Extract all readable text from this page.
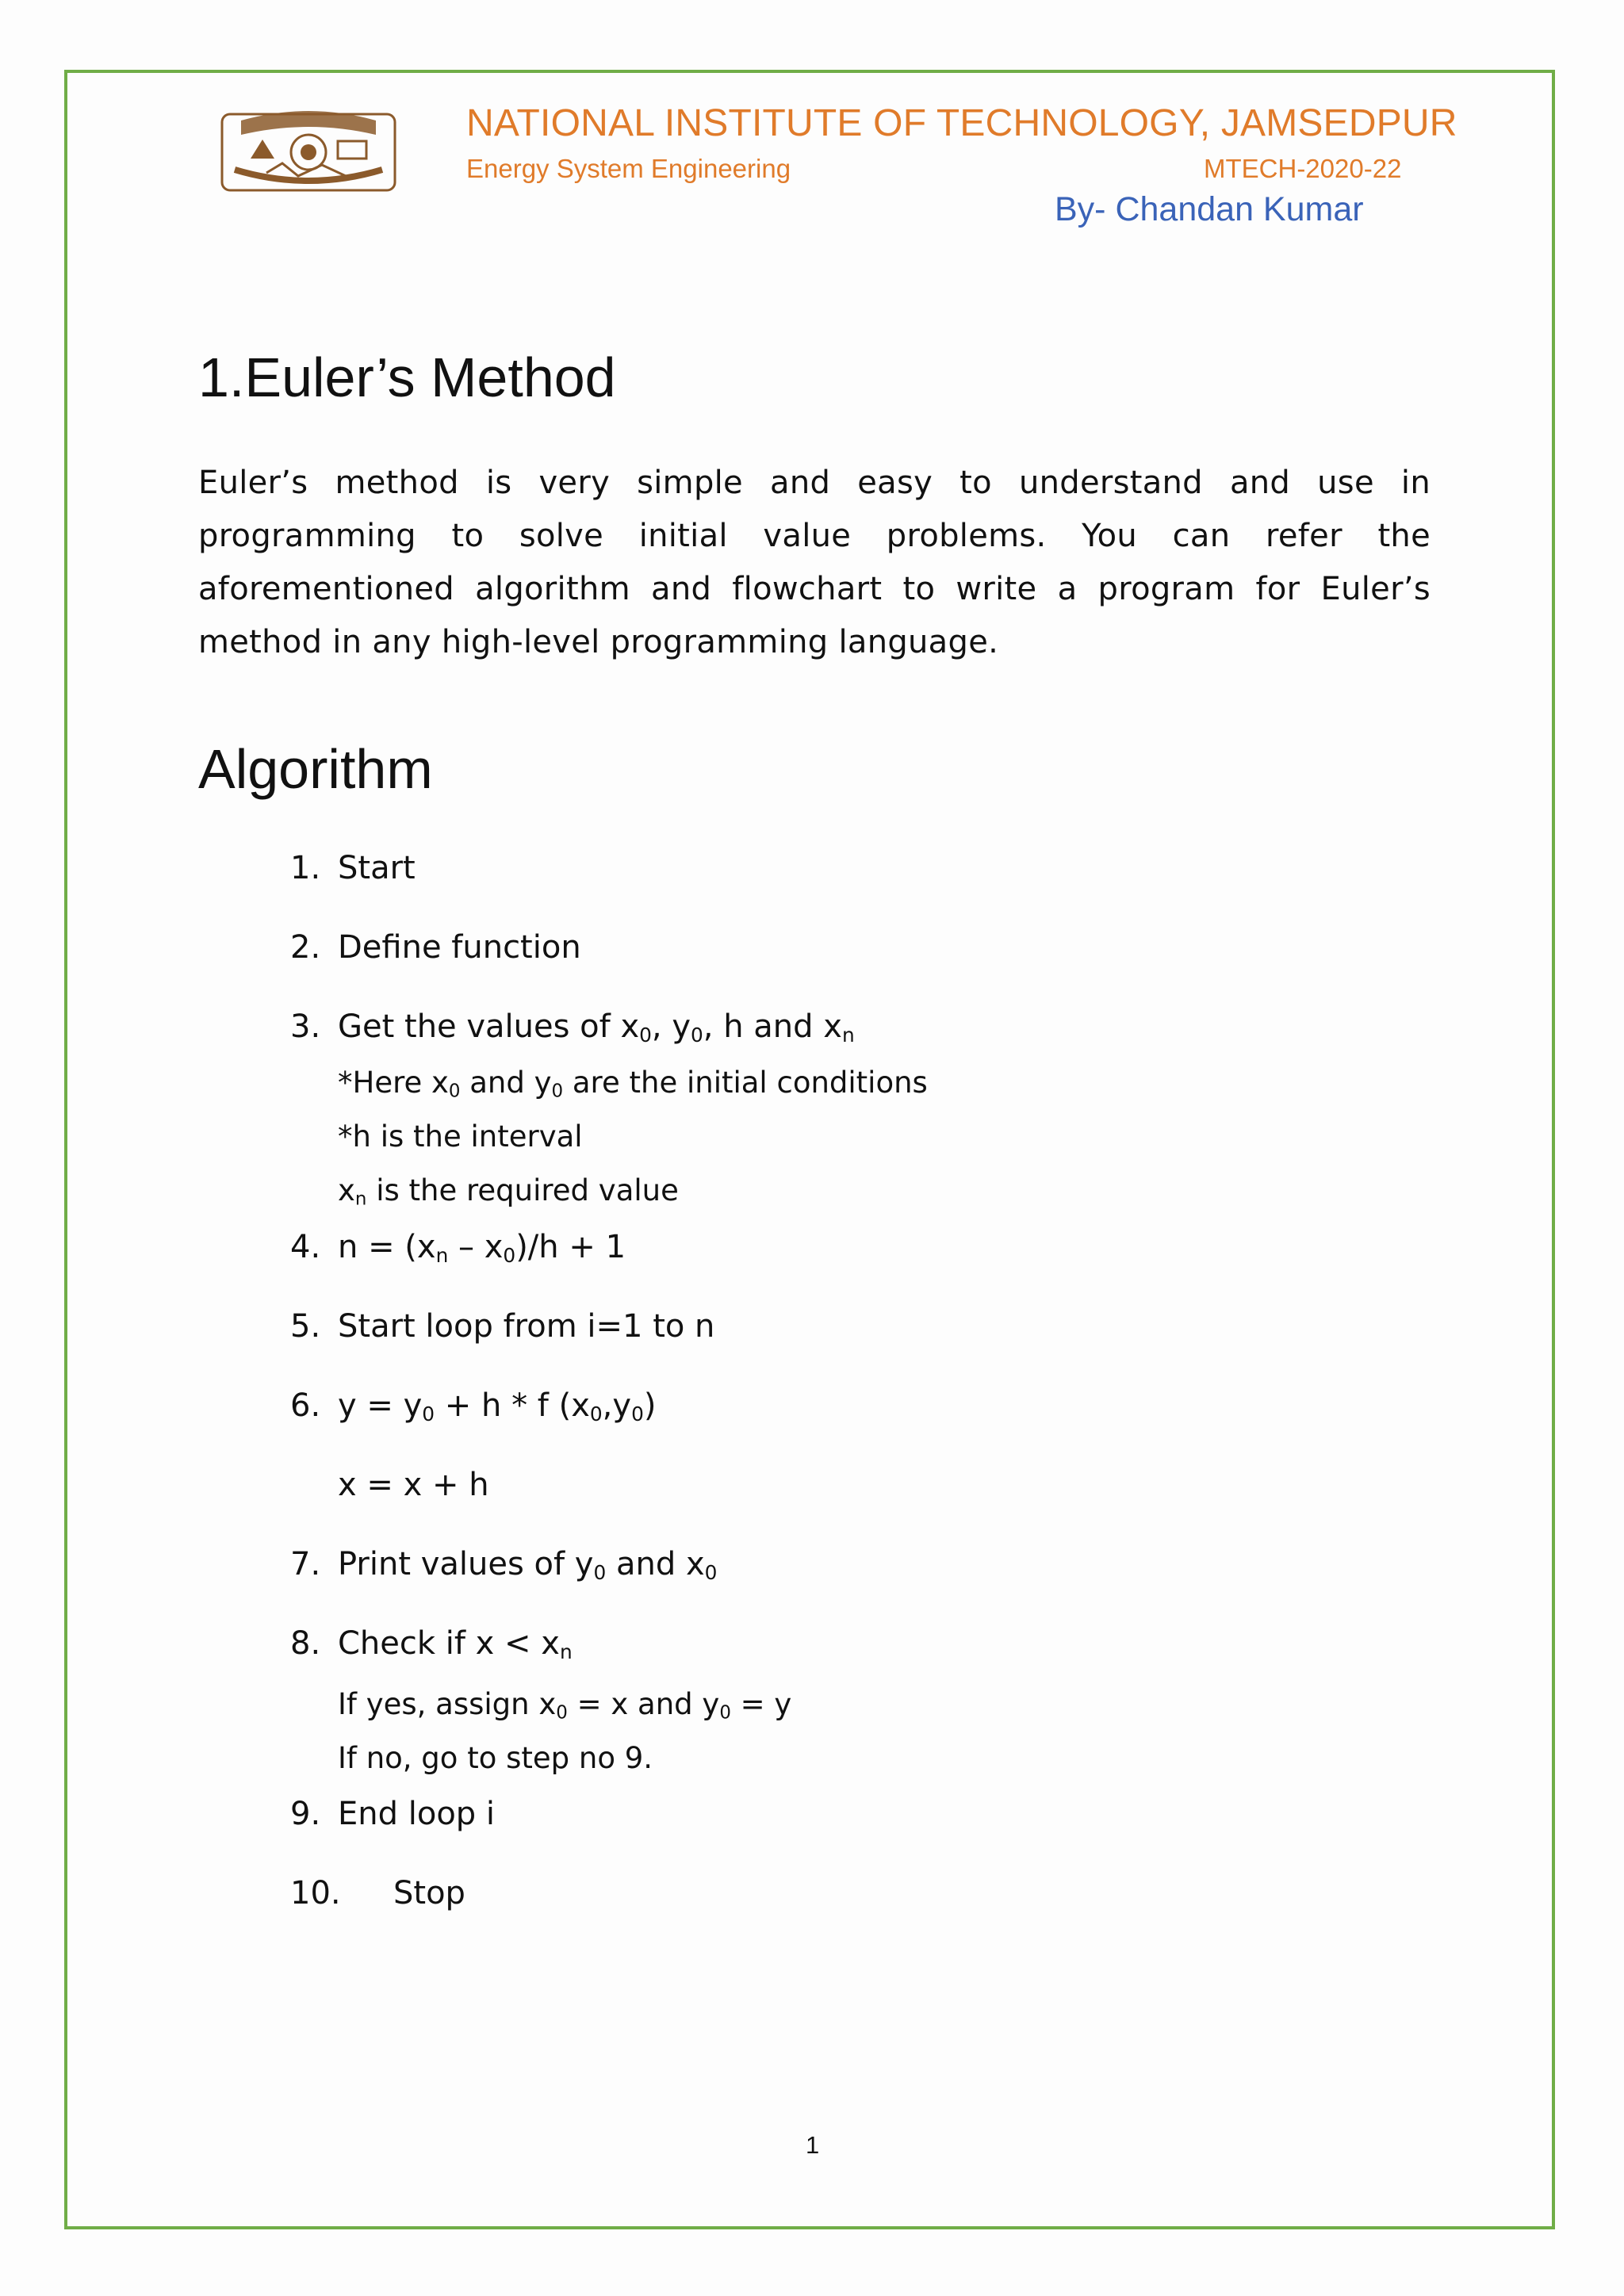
NATIONAL INSTITUTE OF TECHNOLOGY, JAMSEDPUR
Energy System Engineering	MTECH-2020-22
By- Chandan Kumar
1.Euler’s Method

Euler’s method is very simple and easy to understand and use in programming to solve initial value problems. You can refer the aforementioned algorithm and flowchart to write a program for Euler’s method in any high-level programming language.

Algorithm
1. Start
2. Define function
3. Get the values of $x_0$, $y_0$, h and $x_n$
*Here $x_0$ and $y_0$ are the initial conditions
*h is the interval
$x_n$ is the required value
4. $n = (x_n - x_0)/h + 1$
5. Start loop from i=1 to n
6. $y = y_0 + h * f$ $(x_0,y_0)$
x = x + h
7. Print values of $y_0$ and $x_0$
8. Check if $x < x_n$
If yes, assign $x_0 = x$ and $y_0 = y$
If no, go to step no 9.
9. End loop i
10. Stop
1
